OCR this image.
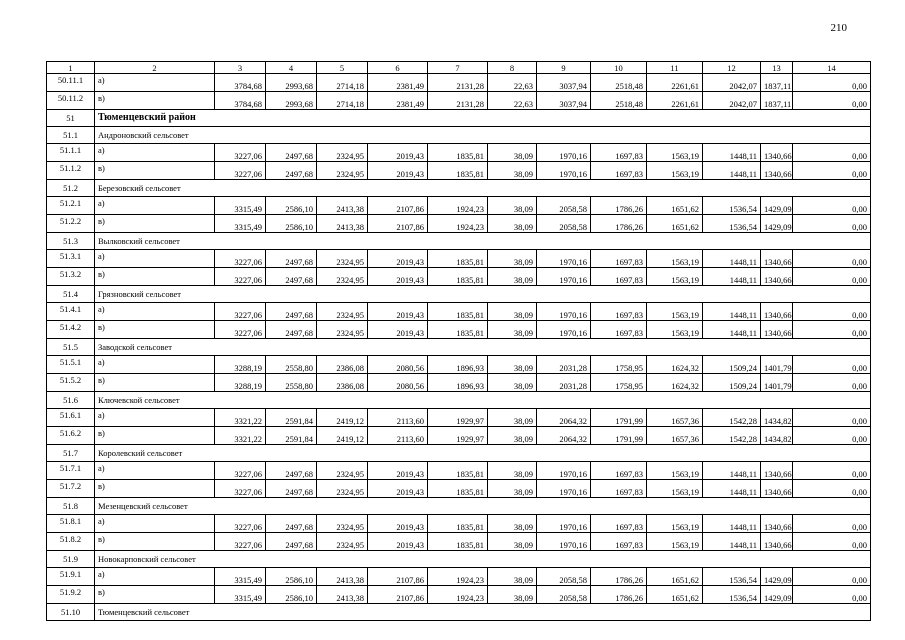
210
1	2	3	4	5	6	7	8	9	10	11	12	13	14
50.11.1	а)	3784,68	2993,68	2714,18	2381,49	2131,28	22,63	3037,94	2518,48	2261,61	2042,07	1837,11	0,00
50.11.2	в)	3784,68	2993,68	2714,18	2381,49	2131,28	22,63	3037,94	2518,48	2261,61	2042,07	1837,11	0,00
51	Тюменцевский район												
51.1	Андроновский сельсовет												
51.1.1	а)	3227,06	2497,68	2324,95	2019,43	1835,81	38,09	1970,16	1697,83	1563,19	1448,11	1340,66	0,00
51.1.2	в)	3227,06	2497,68	2324,95	2019,43	1835,81	38,09	1970,16	1697,83	1563,19	1448,11	1340,66	0,00
51.2	Березовский сельсовет												
51.2.1	а)	3315,49	2586,10	2413,38	2107,86	1924,23	38,09	2058,58	1786,26	1651,62	1536,54	1429,09	0,00
51.2.2	в)	3315,49	2586,10	2413,38	2107,86	1924,23	38,09	2058,58	1786,26	1651,62	1536,54	1429,09	0,00
51.3	Вылковский сельсовет												
51.3.1	а)	3227,06	2497,68	2324,95	2019,43	1835,81	38,09	1970,16	1697,83	1563,19	1448,11	1340,66	0,00
51.3.2	в)	3227,06	2497,68	2324,95	2019,43	1835,81	38,09	1970,16	1697,83	1563,19	1448,11	1340,66	0,00
51.4	Грязновский сельсовет												
51.4.1	а)	3227,06	2497,68	2324,95	2019,43	1835,81	38,09	1970,16	1697,83	1563,19	1448,11	1340,66	0,00
51.4.2	в)	3227,06	2497,68	2324,95	2019,43	1835,81	38,09	1970,16	1697,83	1563,19	1448,11	1340,66	0,00
51.5	Заводской сельсовет												
51.5.1	а)	3288,19	2558,80	2386,08	2080,56	1896,93	38,09	2031,28	1758,95	1624,32	1509,24	1401,79	0,00
51.5.2	в)	3288,19	2558,80	2386,08	2080,56	1896,93	38,09	2031,28	1758,95	1624,32	1509,24	1401,79	0,00
51.6	Ключевской сельсовет												
51.6.1	а)	3321,22	2591,84	2419,12	2113,60	1929,97	38,09	2064,32	1791,99	1657,36	1542,28	1434,82	0,00
51.6.2	в)	3321,22	2591,84	2419,12	2113,60	1929,97	38,09	2064,32	1791,99	1657,36	1542,28	1434,82	0,00
51.7	Королевский сельсовет												
51.7.1	а)	3227,06	2497,68	2324,95	2019,43	1835,81	38,09	1970,16	1697,83	1563,19	1448,11	1340,66	0,00
51.7.2	в)	3227,06	2497,68	2324,95	2019,43	1835,81	38,09	1970,16	1697,83	1563,19	1448,11	1340,66	0,00
51.8	Мезенцевский сельсовет												
51.8.1	а)	3227,06	2497,68	2324,95	2019,43	1835,81	38,09	1970,16	1697,83	1563,19	1448,11	1340,66	0,00
51.8.2	в)	3227,06	2497,68	2324,95	2019,43	1835,81	38,09	1970,16	1697,83	1563,19	1448,11	1340,66	0,00
51.9	Новокарповский сельсовет												
51.9.1	а)	3315,49	2586,10	2413,38	2107,86	1924,23	38,09	2058,58	1786,26	1651,62	1536,54	1429,09	0,00
51.9.2	в)	3315,49	2586,10	2413,38	2107,86	1924,23	38,09	2058,58	1786,26	1651,62	1536,54	1429,09	0,00
51.10	Тюменцевский сельсовет												
